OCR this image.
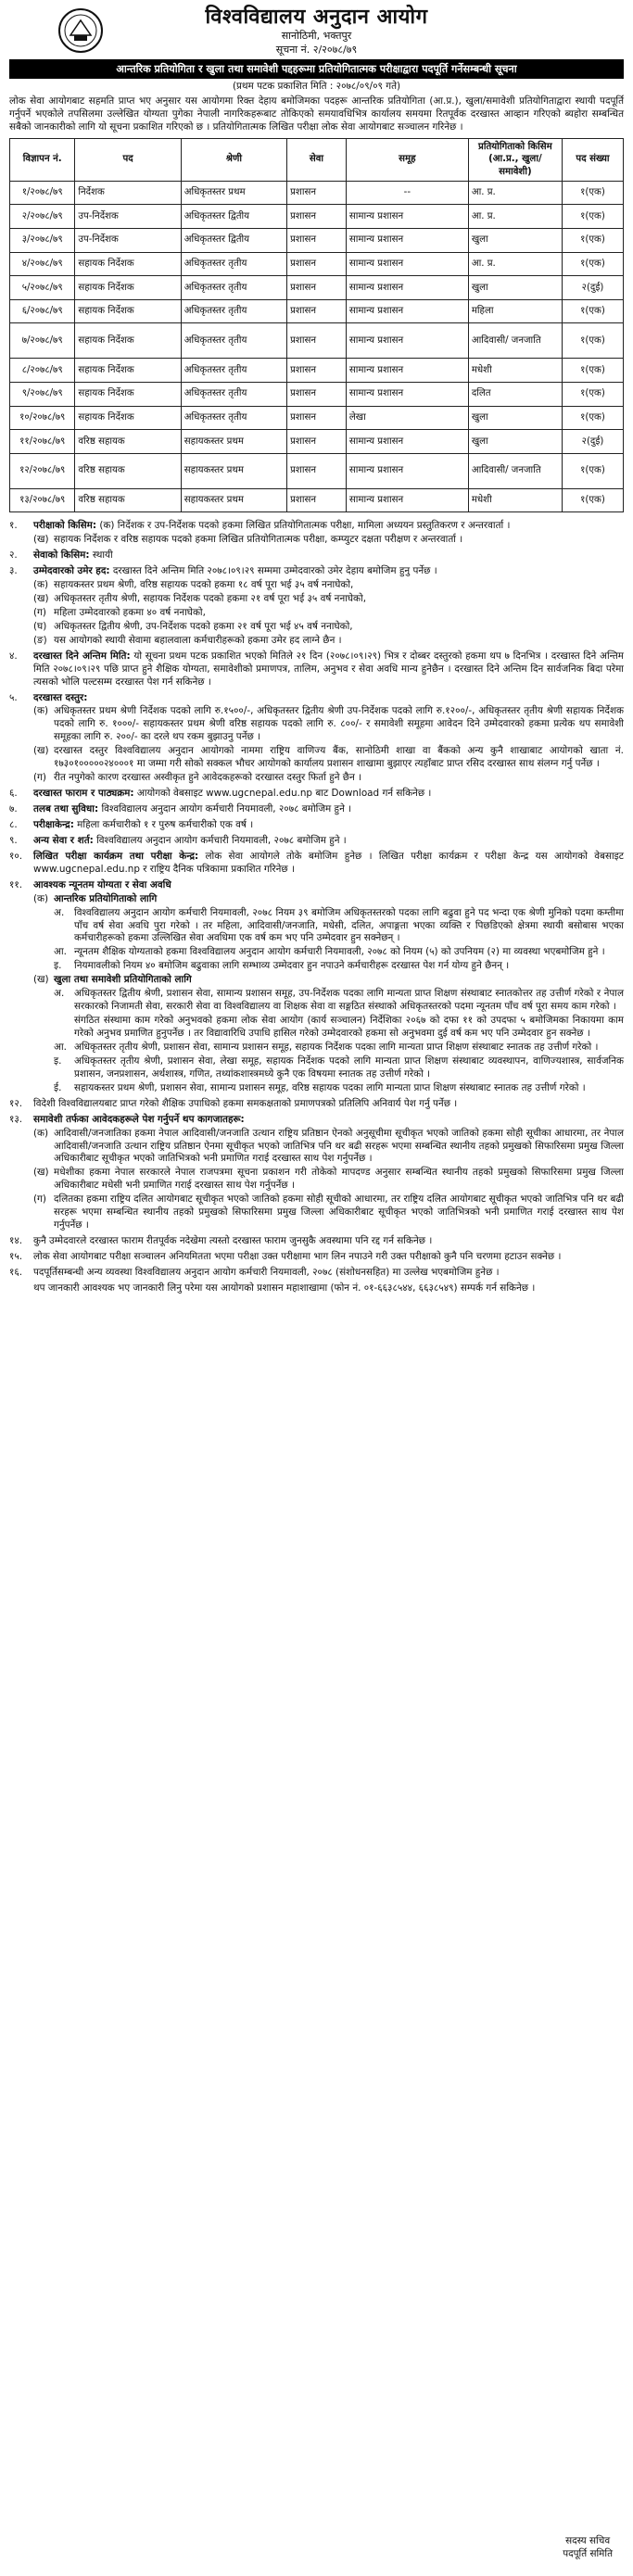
विश्वविद्यालय अनुदान आयोग
सानोठिमी, भक्तपुर
सूचना नं. २/२०७८/७९
आन्तरिक प्रतियोगिता र खुला तथा समावेशी पद्दहरूमा प्रतियोगितात्मक परीक्षाद्वारा पदपूर्ति गर्नेसम्बन्धी सूचना
(प्रथम पटक प्रकाशित मिति : २०७८/०९/०९ गते)
लोक सेवा आयोगबाट सहमति प्राप्त भए अनुसार यस आयोगमा रिक्त देहाय बमोजिमका पदहरू आन्तरिक प्रतियोगिता (आ.प्र.), खुला/समावेशी प्रतियोगिताद्वारा स्थायी पदपूर्ति गर्नुपर्ने भएकोले तपसिलमा उल्लेखित योग्यता पुगेका नेपाली नागरिकहरूबाट तोकिएको समयावधिभित्र कार्यालय समयमा रितपूर्वक दरखास्त आव्हान गरिएको ब्यहोरा सम्बन्धित सबैको जानकारीको लागि यो सूचना प्रकाशित गरिएको छ । प्रतियोगितात्मक लिखित परीक्षा लोक सेवा आयोगबाट सञ्चालन गरिनेछ ।
विज्ञापन नं.	पद	श्रेणी	सेवा	समूह	प्रतियोगिताको किसिम (आ.प्र., खुला/ समावेशी)	पद संख्या
१/२०७८/७९	निर्देशक	अधिकृतस्तर प्रथम	प्रशासन	--	आ. प्र.	१(एक)
२/२०७८/७९	उप-निर्देशक	अधिकृतस्तर द्वितीय	प्रशासन	सामान्य प्रशासन	आ. प्र.	१(एक)
३/२०७८/७९	उप-निर्देशक	अधिकृतस्तर द्वितीय	प्रशासन	सामान्य प्रशासन	खुला	१(एक)
४/२०७८/७९	सहायक निर्देशक	अधिकृतस्तर तृतीय	प्रशासन	सामान्य प्रशासन	आ. प्र.	१(एक)
५/२०७८/७९	सहायक निर्देशक	अधिकृतस्तर तृतीय	प्रशासन	सामान्य प्रशासन	खुला	२(दुई)
६/२०७८/७९	सहायक निर्देशक	अधिकृतस्तर तृतीय	प्रशासन	सामान्य प्रशासन	महिला	१(एक)
७/२०७८/७९	सहायक निर्देशक	अधिकृतस्तर तृतीय	प्रशासन	सामान्य प्रशासन	आदिवासी/ जनजाति	१(एक)
८/२०७८/७९	सहायक निर्देशक	अधिकृतस्तर तृतीय	प्रशासन	सामान्य प्रशासन	मधेशी	१(एक)
९/२०७८/७९	सहायक निर्देशक	अधिकृतस्तर तृतीय	प्रशासन	सामान्य प्रशासन	दलित	१(एक)
१०/२०७८/७९	सहायक निर्देशक	अधिकृतस्तर तृतीय	प्रशासन	लेखा	खुला	१(एक)
११/२०७८/७९	वरिष्ठ सहायक	सहायकस्तर प्रथम	प्रशासन	सामान्य प्रशासन	खुला	२(दुई)
१२/२०७८/७९	वरिष्ठ सहायक	सहायकस्तर प्रथम	प्रशासन	सामान्य प्रशासन	आदिवासी/ जनजाति	१(एक)
१३/२०७८/७९	वरिष्ठ सहायक	सहायकस्तर प्रथम	प्रशासन	सामान्य प्रशासन	मधेशी	१(एक)
१.	परीक्षाको किसिम: (क) निर्देशक र उप-निर्देशक पदको हकमा लिखित प्रतियोगितात्मक परीक्षा, मामिला अध्ययन प्रस्तुतिकरण र अन्तरवार्ता ।
(ख) सहायक निर्देशक र वरिष्ठ सहायक पदको हकमा लिखित प्रतियोगितात्मक परीक्षा, कम्प्युटर दक्षता परीक्षण र अन्तरवार्ता ।
२.	सेवाको किसिम: स्थायी
३.	उम्मेदवारको उमेर हद: दरखास्त दिने अन्तिम मिति २०७८।०९।२९ सम्ममा उम्मेदवारको उमेर देहाय बमोजिम हुनु पर्नेछ ।
(क) सहायकस्तर प्रथम श्रेणी, वरिष्ठ सहायक पदको हकमा १८ वर्ष पूरा भई ३५ वर्ष ननाघेको,
(ख) अधिकृतस्तर तृतीय श्रेणी, सहायक निर्देशक पदको हकमा २१ वर्ष पूरा भई ३५ वर्ष ननाघेको,
(ग) महिला उम्मेदवारको हकमा ४० वर्ष ननाघेको,
(घ) अधिकृतस्तर द्वितीय श्रेणी, उप-निर्देशक पदको हकमा २१ वर्ष पूरा भई ४५ वर्ष ननाघेको,
(ङ) यस आयोगको स्थायी सेवामा बहालवाला कर्मचारीहरूको हकमा उमेर हद लाग्ने छैन ।
४.	दरखास्त दिने अन्तिम मिति: यो सूचना प्रथम पटक प्रकाशित भएको मितिले २१ दिन (२०७८।०९।२९) भित्र र दोब्बर दस्तुरको हकमा थप ७ दिनभित्र । दरखास्त दिने अन्तिम मिति २०७८।०९।२९ पछि प्राप्त हुने शैक्षिक योग्यता, समावेशीको प्रमाणपत्र, तालिम, अनुभव र सेवा अवधि मान्य हुनेछैन । दरखास्त दिने अन्तिम दिन सार्वजनिक बिदा परेमा त्यसको भोलि पल्टसम्म दरखास्त पेश गर्न सकिनेछ ।
५.	दरखास्त दस्तुर:
(क) अधिकृतस्तर प्रथम श्रेणी निर्देशक पदको लागि रु.१५००/-, अधिकृतस्तर द्वितीय श्रेणी उप-निर्देशक पदको लागि रु.१२००/-, अधिकृतस्तर तृतीय श्रेणी सहायक निर्देशक पदको लागि रु. १०००/- सहायकस्तर प्रथम श्रेणी वरिष्ठ सहायक पदको लागि रु. ८००/- र समावेशी समूहमा आवेदन दिने उम्मेदवारको हकमा प्रत्येक थप समावेशी समूहका लागि रु. २००/- का दरले थप रकम बुझाउनु पर्नेछ ।
(ख) दरखास्त दस्तुर विश्वविद्यालय अनुदान आयोगको नाममा राष्ट्रिय वाणिज्य बैंक, सानोठिमी शाखा वा बैंकको अन्य कुनै शाखाबाट आयोगको खाता नं. १७३०१०००००२४०००१ मा जम्मा गरी सोको सक्कल भौचर आयोगको कार्यालय प्रशासन शाखामा बुझाएर त्यहाँबाट प्राप्त रसिद दरखास्त साथ संलग्न गर्नु पर्नेछ ।
(ग) रीत नपुगेको कारण दरखास्त अस्वीकृत हुने आवेदकहरूको दरखास्त दस्तुर फिर्ता हुने छैन ।
६.	दरखास्त फाराम र पाठ्यक्रम: आयोगको वेबसाइट www.ugcnepal.edu.np बाट Download गर्न सकिनेछ ।
७.	तलब तथा सुविधा: विश्वविद्यालय अनुदान आयोग कर्मचारी नियमावली, २०७८ बमोजिम हुने ।
८.	परीक्षाकेन्द्र: महिला कर्मचारीको १ र पुरुष कर्मचारीको एक वर्ष ।
९.	अन्य सेवा र शर्त: विश्वविद्यालय अनुदान आयोग कर्मचारी नियमावली, २०७८ बमोजिम हुने ।
१०.	लिखित परीक्षा कार्यक्रम तथा परीक्षा केन्द्र: लोक सेवा आयोगले तोके बमोजिम हुनेछ । लिखित परीक्षा कार्यक्रम र परीक्षा केन्द्र यस आयोगको वेबसाइट www.ugcnepal.edu.np र राष्ट्रिय दैनिक पत्रिकामा प्रकाशित गरिनेछ ।
११.	आवश्यक न्यूनतम योग्यता र सेवा अवधि
(क) आन्तरिक प्रतियोगिताको लागि
अ.	विश्वविद्यालय अनुदान आयोग कर्मचारी नियमावली, २०७८ नियम ३९ बमोजिम अधिकृतस्तरको पदका लागि बढुवा हुने पद भन्दा एक श्रेणी मुनिको पदमा कम्तीमा पाँच वर्ष सेवा अवधि पुरा गरेको । तर महिला, आदिवासी/जनजाति, मधेसी, दलित, अपाङ्गता भएका व्यक्ति र पिछडिएको क्षेत्रमा स्थायी बसोबास भएका कर्मचारीहरूको हकमा उल्लिखित सेवा अवधिमा एक वर्ष कम भए पनि उम्मेदवार हुन सक्नेछन् ।
आ. न्यूनतम शैक्षिक योग्यताको हकमा विश्वविद्यालय अनुदान आयोग कर्मचारी नियमावली, २०७८ को नियम (५) को उपनियम (२) मा व्यवस्था भएबमोजिम हुने ।
इ.	नियमावलीको नियम ४० बमोजिम बढुवाका लागि सम्भाव्य उम्मेदवार हुन नपाउने कर्मचारीहरू दरखास्त पेश गर्न योग्य हुने छैनन् ।
(ख) खुला तथा समावेशी प्रतियोगिताको लागि
अ.	अधिकृतस्तर द्वितीय श्रेणी, प्रशासन सेवा, सामान्य प्रशासन समूह, उप-निर्देशक पदका लागि मान्यता प्राप्त शिक्षण संस्थाबाट स्नातकोत्तर तह उत्तीर्ण गरेको र नेपाल सरकारको निजामती सेवा, सरकारी सेवा वा विश्वविद्यालय वा शिक्षक सेवा वा सङ्गठित संस्थाको अधिकृतस्तरको पदमा न्यूनतम पाँच वर्ष पूरा समय काम गरेको ।
संगठित संस्थामा काम गरेको अनुभवको हकमा लोक सेवा आयोग (कार्य सञ्चालन) निर्देशिका २०६७ को दफा ११ को उपदफा ५ बमोजिमका निकायमा काम गरेको अनुभव प्रमाणित हुनुपर्नेछ । तर विद्यावारिधि उपाधि हासिल गरेको उम्मेदवारको हकमा सो अनुभवमा दुई वर्ष कम भए पनि उम्मेदवार हुन सक्नेछ ।
आ. अधिकृतस्तर तृतीय श्रेणी, प्रशासन सेवा, सामान्य प्रशासन समूह, सहायक निर्देशक पदका लागि मान्यता प्राप्त शिक्षण संस्थाबाट स्नातक तह उत्तीर्ण गरेको ।
इ.	अधिकृतस्तर तृतीय श्रेणी, प्रशासन सेवा, लेखा समूह, सहायक निर्देशक पदको लागि मान्यता प्राप्त शिक्षण संस्थाबाट व्यवस्थापन, वाणिज्यशास्त्र, सार्वजनिक प्रशासन, जनप्रशासन, अर्थशास्त्र, गणित, तथ्यांकशास्त्रमध्ये कुनै एक विषयमा स्नातक तह उत्तीर्ण गरेको ।
ई.	सहायकस्तर प्रथम श्रेणी, प्रशासन सेवा, सामान्य प्रशासन समूह, वरिष्ठ सहायक पदका लागि मान्यता प्राप्त शिक्षण संस्थाबाट स्नातक तह उत्तीर्ण गरेको ।
१२.	विदेशी विश्वविद्यालयबाट प्राप्त गरेको शैक्षिक उपाधिको हकमा समकक्षताको प्रमाणपत्रको प्रतिलिपि अनिवार्य पेश गर्नु पर्नेछ ।
१३.	समावेशी तर्फका आवेदकहरूले पेश गर्नुपर्ने थप कागजातहरू:
(क) आदिवासी/जनजातिका हकमा नेपाल आदिवासी/जनजाति उत्थान राष्ट्रिय प्रतिष्ठान ऐनको अनुसूचीमा सूचीकृत भएको जातिको हकमा सोही सूचीका आधारमा, तर नेपाल आदिवासी/जनजाति उत्थान राष्ट्रिय प्रतिष्ठान ऐनमा सूचीकृत भएको जातिभित्र पनि थर बढी सरहरू भएमा सम्बन्धित स्थानीय तहको प्रमुखको सिफारिसमा प्रमुख जिल्ला अधिकारीबाट सूचीकृत भएको जातिभित्रको भनी प्रमाणित गराई दरखास्त साथ पेश गर्नुपर्नेछ ।
(ख) मधेशीका हकमा नेपाल सरकारले नेपाल राजपत्रमा सूचना प्रकाशन गरी तोकेको मापदण्ड अनुसार सम्बन्धित स्थानीय तहको प्रमुखको सिफारिसमा प्रमुख जिल्ला अधिकारीबाट मधेसी भनी प्रमाणित गराई दरखास्त साथ पेश गर्नुपर्नेछ ।
(ग) दलितका हकमा राष्ट्रिय दलित आयोगबाट सूचीकृत भएको जातिको हकमा सोही सूचीको आधारमा, तर राष्ट्रिय दलित आयोगबाट सूचीकृत भएको जातिभित्र पनि थर बढी सरहरू भएमा सम्बन्धित स्थानीय तहको प्रमुखको सिफारिसमा प्रमुख जिल्ला अधिकारीबाट सूचीकृत भएको जातिभित्रको भनी प्रमाणित गराई दरखास्त साथ पेश गर्नुपर्नेछ ।
१४.	कुनै उम्मेदवारले दरखास्त फाराम रीतपूर्वक नदेखेमा त्यस्तो दरखास्त फाराम जुनसुकै अवस्थामा पनि रद्द गर्न सकिनेछ ।
१५.	लोक सेवा आयोगबाट परीक्षा सञ्चालन अनियमितता भएमा परीक्षा उक्त परीक्षामा भाग लिन नपाउने गरी उक्त परीक्षाको कुनै पनि चरणमा हटाउन सक्नेछ ।
१६.	पदपूर्तिसम्बन्धी अन्य व्यवस्था विश्वविद्यालय अनुदान आयोग कर्मचारी नियमावली, २०७८ (संशोधनसहित) मा उल्लेख भएबमोजिम हुनेछ ।
थप जानकारी आवश्यक भए जानकारी लिनु परेमा यस आयोगको प्रशासन महाशाखामा (फोन नं. ०१-६६३८५४४, ६६३८५४९) सम्पर्क गर्न सकिनेछ ।
सदस्य सचिव
पदपूर्ति समिति
